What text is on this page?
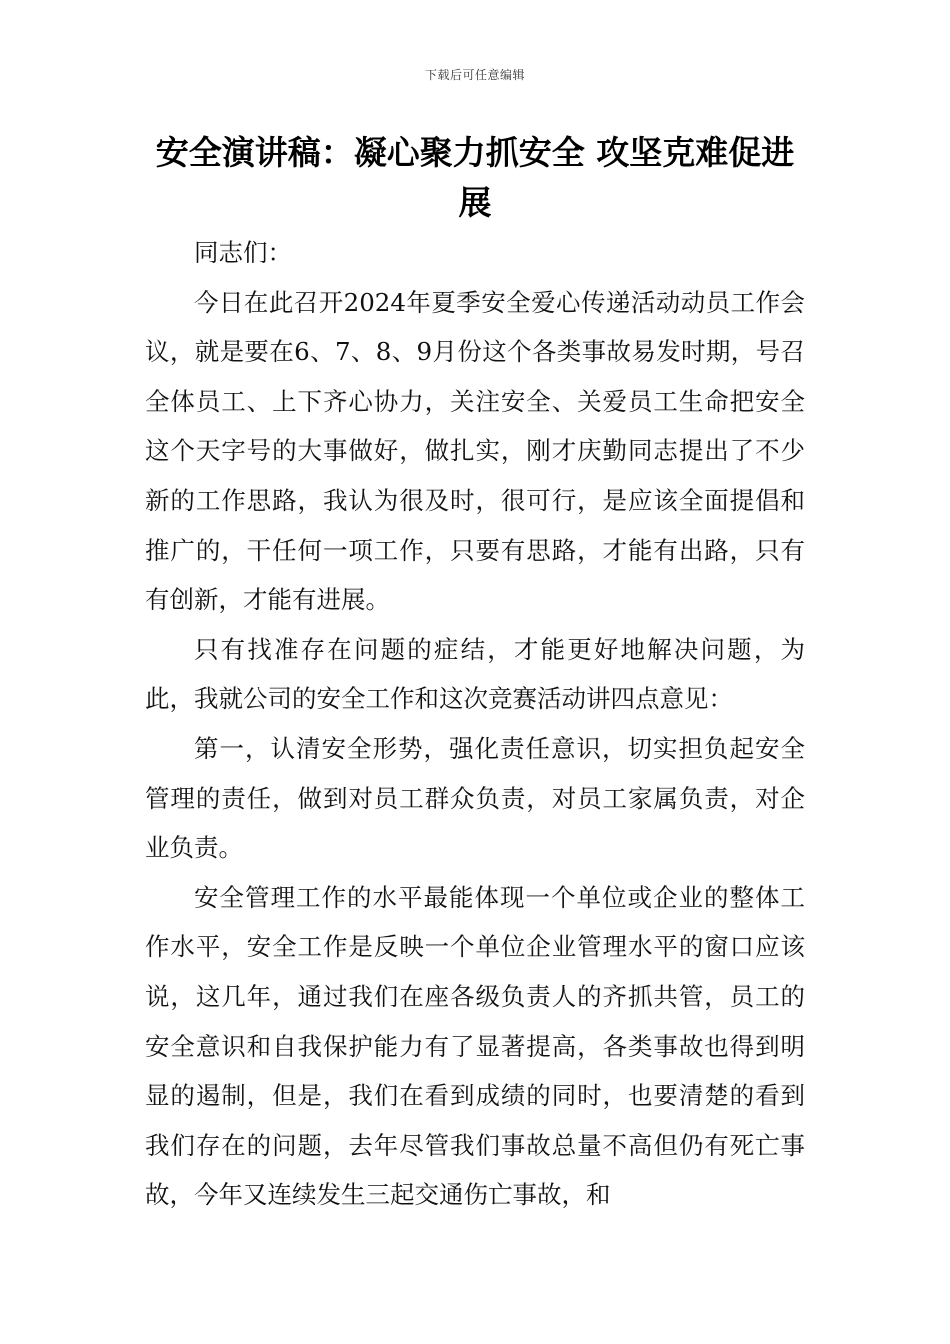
下载后可任意编辑
安全演讲稿：凝心聚力抓安全 攻坚克难促进展

同志们：

今日在此召开2024年夏季安全爱心传递活动动员工作会议，就是要在6、7、8、9月份这个各类事故易发时期，号召全体员工、上下齐心协力，关注安全、关爱员工生命把安全这个天字号的大事做好，做扎实，刚才庆勤同志提出了不少新的工作思路，我认为很及时，很可行，是应该全面提倡和推广的，干任何一项工作，只要有思路，才能有出路，只有有创新，才能有进展。

只有找准存在问题的症结，才能更好地解决问题，为此，我就公司的安全工作和这次竞赛活动讲四点意见：

第一，认清安全形势，强化责任意识，切实担负起安全管理的责任，做到对员工群众负责，对员工家属负责，对企业负责。

安全管理工作的水平最能体现一个单位或企业的整体工作水平，安全工作是反映一个单位企业管理水平的窗口应该说，这几年，通过我们在座各级负责人的齐抓共管，员工的安全意识和自我保护能力有了显著提高，各类事故也得到明显的遏制，但是，我们在看到成绩的同时，也要清楚的看到我们存在的问题，去年尽管我们事故总量不高但仍有死亡事故，今年又连续发生三起交通伤亡事故，和
